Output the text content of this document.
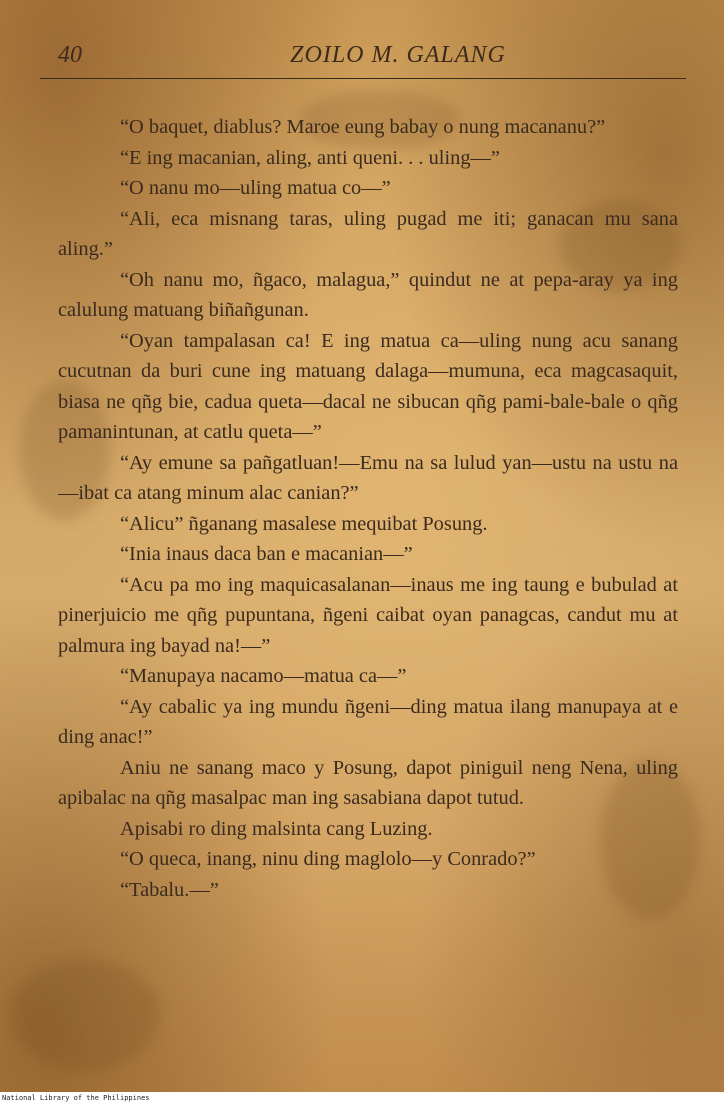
40	ZOILO M. GALANG

“O baquet, diablus? Maroe eung babay o nung macananu?”

“E ing macanian, aling, anti queni. . . uling—”

“O nanu mo—uling matua co—”

“Ali, eca misnang taras, uling pugad me iti; ganacan mu sana aling.”

“Oh nanu mo, ñgaco, malagua,” quindut ne at pepa-aray ya ing calulung matuang biñañgunan.

“Oyan tampalasan ca! E ing matua ca—uling nung acu sanang cucutnan da buri cune ing matuang dalaga—mumuna, eca magcasaquit, biasa ne qñg bie, cadua queta—dacal ne sibucan qñg pami-bale-bale o qñg pamanintunan, at catlu queta—”

“Ay emune sa pañgatluan!—Emu na sa lulud yan—ustu na ustu na—ibat ca atang minum alac canian?”

“Alicu” ñganang masalese mequibat Posung.

“Inia inaus daca ban e macanian—”

“Acu pa mo ing maquicasalanan—inaus me ing taung e bubulad at pinerjuicio me qñg pupuntana, ñgeni caibat oyan panagcas, candut mu at palmura ing bayad na!—”

“Manupaya nacamo—matua ca—”

“Ay cabalic ya ing mundu ñgeni—ding matua ilang manupaya at e ding anac!”

Aniu ne sanang maco y Posung, dapot piniguil neng Nena, uling apibalac na qñg masalpac man ing sasabiana dapot tutud.

Apisabi ro ding malsinta cang Luzing.

“O queca, inang, ninu ding maglolo—y Conrado?”

“Tabalu.—”

National Library of the Philippines
